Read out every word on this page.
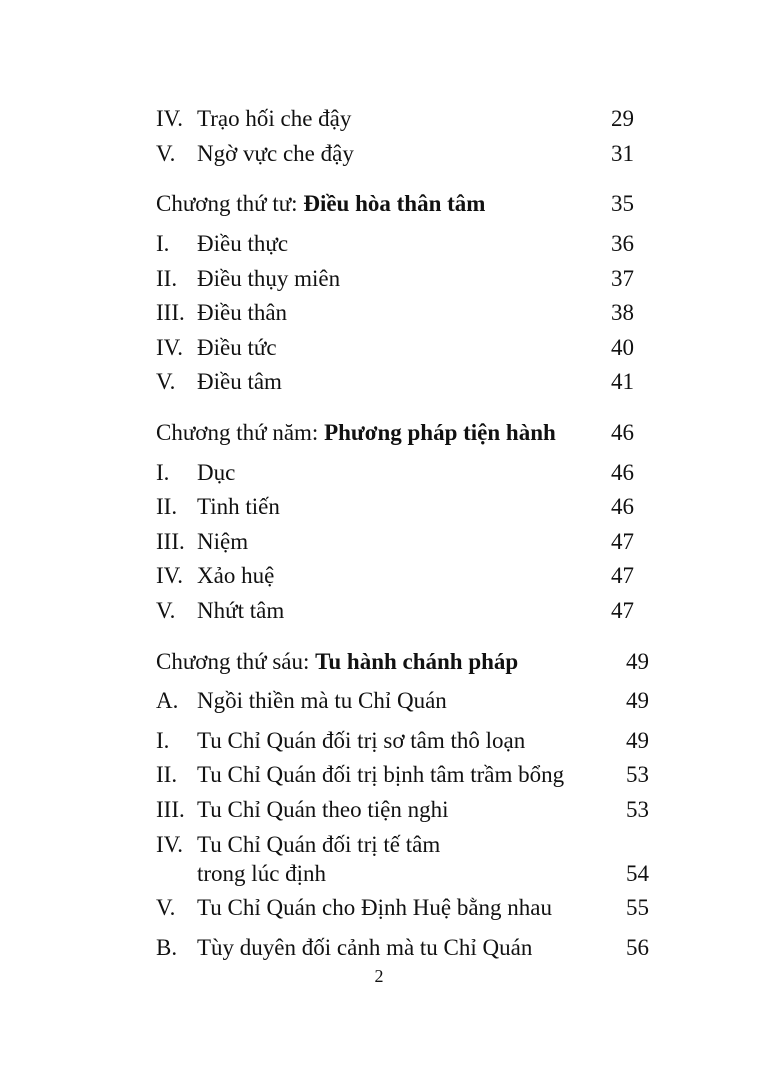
IV. Trạo hối che đậy	29
V. Ngờ vực che đậy	31
Chương thứ tư: Điều hòa thân tâm	35
I. Điều thực	36
II. Điều thụy miên	37
III. Điều thân	38
IV. Điều tức	40
V. Điều tâm	41
Chương thứ năm: Phương pháp tiện hành 46
I. Dục	46
II. Tinh tiến	46
III. Niệm	47
IV. Xảo huệ	47
V. Nhứt tâm	47
Chương thứ sáu: Tu hành chánh pháp	49
A. Ngồi thiền mà tu Chỉ Quán	49
I. Tu Chỉ Quán đối trị sơ tâm thô loạn	49
II. Tu Chỉ Quán đối trị bịnh tâm trầm bổng	53
III. Tu Chỉ Quán theo tiện nghi	53
IV. Tu Chỉ Quán đối trị tế tâm
trong lúc định	54
V. Tu Chỉ Quán cho Định Huệ bằng nhau	55
B. Tùy duyên đối cảnh mà tu Chỉ Quán	56
2
